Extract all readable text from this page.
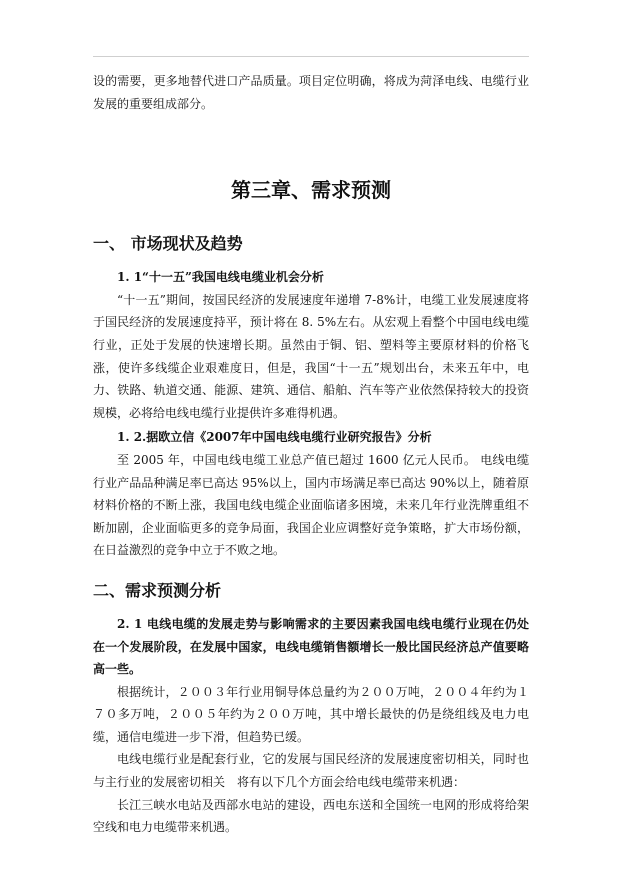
设的需要，更多地替代进口产品质量。项目定位明确，将成为菏泽电线、电缆行业发展的重要组成部分。

第三章、需求预测
一、 市场现状及趋势

1. 1“十一五”我国电线电缆业机会分析

“十一五”期间，按国民经济的发展速度年递增 7-8%计，电缆工业发展速度将于国民经济的发展速度持平，预计将在 8. 5%左右。从宏观上看整个中国电线电缆行业，正处于发展的快速增长期。虽然由于铜、铝、塑料等主要原材料的价格飞涨，使许多线缆企业艰难度日，但是，我国“十一五”规划出台，未来五年中，电力、铁路、轨道交通、能源、建筑、通信、船舶、汽车等产业依然保持较大的投资规模，必将给电线电缆行业提供许多难得机遇。

1. 2.据欧立信《2007年中国电线电缆行业研究报告》分析

至 2005 年，中国电线电缆工业总产值已超过 1600 亿元人民币。 电线电缆行业产品品种满足率已高达 95%以上，国内市场满足率已高达 90%以上，随着原材料价格的不断上涨，我国电线电缆企业面临诸多困境，未来几年行业洗牌重组不断加剧，企业面临更多的竞争局面，我国企业应调整好竞争策略，扩大市场份额，在日益激烈的竞争中立于不败之地。

二、需求预测分析

2. 1 电线电缆的发展走势与影响需求的主要因素我国电线电缆行业现在仍处在一个发展阶段，在发展中国家，电线电缆销售额增长一般比国民经济总产值要略高一些。

根据统计，２００３年行业用铜导体总量约为２００万吨，２００４年约为１７０多万吨，２００５年约为２００万吨，其中增长最快的仍是绕组线及电力电缆，通信电缆进一步下滑，但趋势已缓。

电线电缆行业是配套行业，它的发展与国民经济的发展速度密切相关，同时也与主行业的发展密切相关　将有以下几个方面会给电线电缆带来机遇：

长江三峡水电站及西部水电站的建设，西电东送和全国统一电网的形成将给架空线和电力电缆带来机遇。
